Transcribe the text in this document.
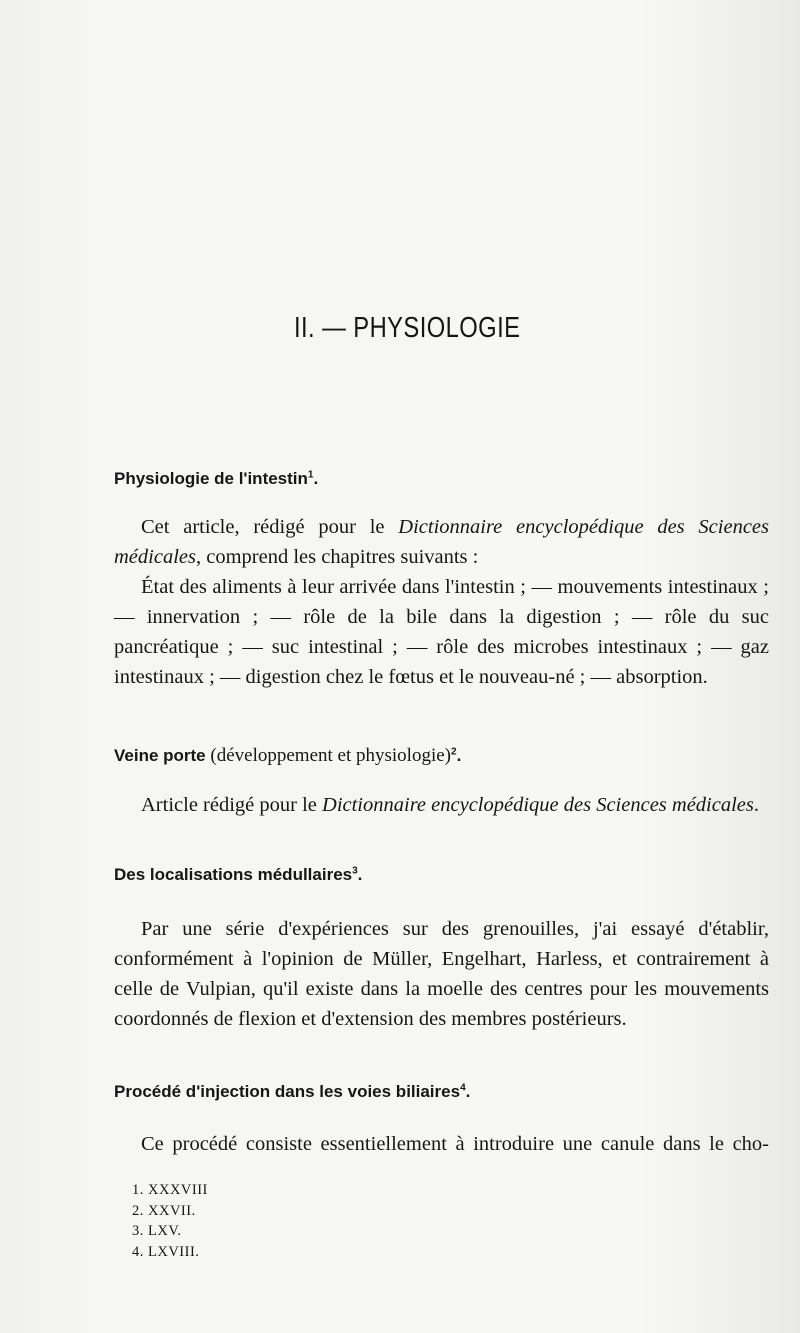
II. — PHYSIOLOGIE
Physiologie de l'intestin$^1$.

Cet article, rédigé pour le Dictionnaire encyclopédique des Sciences médicales, comprend les chapitres suivants :

État des aliments à leur arrivée dans l'intestin ; — mouvements intestinaux ; — innervation ; — rôle de la bile dans la digestion ; — rôle du suc pancréatique ; — suc intestinal ; — rôle des microbes intestinaux ; — gaz intestinaux ; — digestion chez le fœtus et le nouveau-né ; — absorption.

Veine porte (développement et physiologie)$^2$.

Article rédigé pour le Dictionnaire encyclopédique des Sciences médicales.

Des localisations médullaires$^3$.

Par une série d'expériences sur des grenouilles, j'ai essayé d'établir, conformément à l'opinion de Müller, Engelhart, Harless, et contrairement à celle de Vulpian, qu'il existe dans la moelle des centres pour les mouvements coordonnés de flexion et d'extension des membres postérieurs.

Procédé d'injection dans les voies biliaires$^4$.

Ce procédé consiste essentiellement à introduire une canule dans le cho-

1. XXXVIII
2. XXVII.
3. LXV.
4. LXVIII.
